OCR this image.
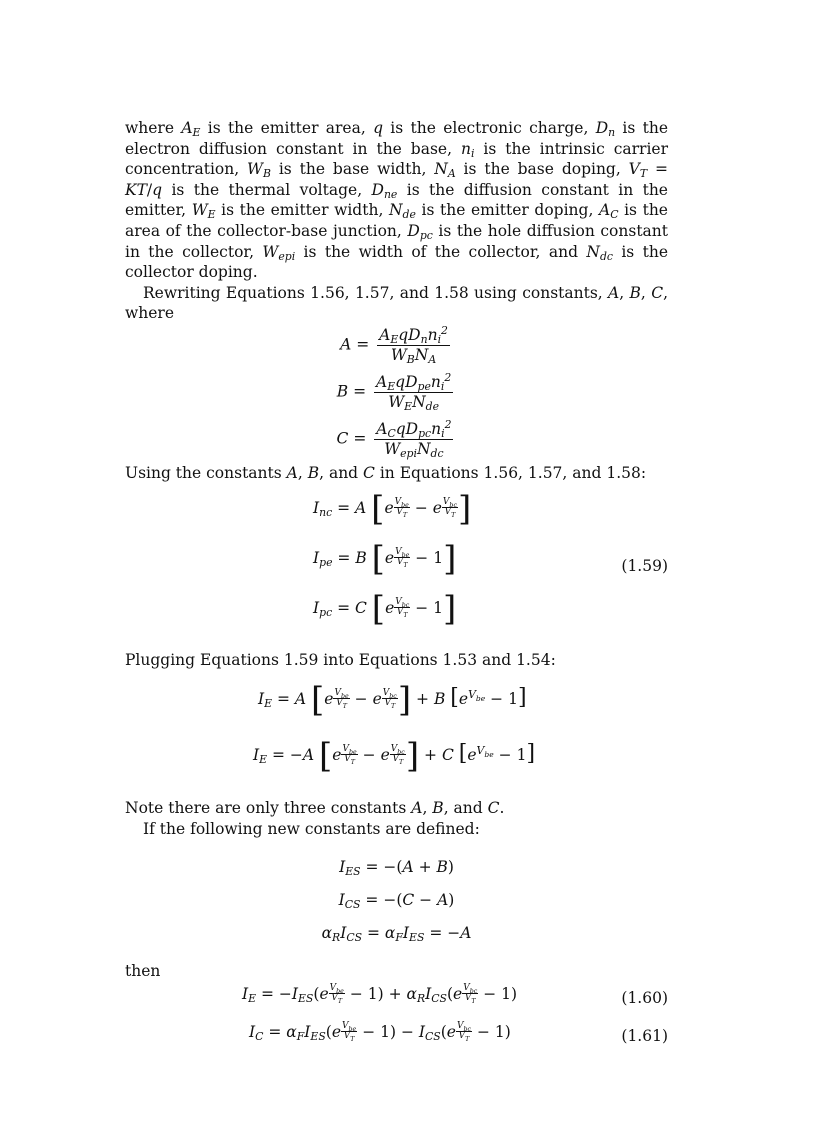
where $A_E$ is the emitter area, q is the electronic charge, $D_n$ is the electron diffusion constant in the base, $n_i$ is the intrinsic carrier concentration, $W_B$ is the base width, $N_A$ is the base doping, $V_T = KT/q$ is the thermal voltage, $D_{ne}$ is the diffusion constant in the emitter, $W_E$ is the emitter width, $N_{de}$ is the emitter doping, $A_C$ is the area of the collector-base junction, $D_{pc}$ is the hole diffusion constant in the collector, $W_{epi}$ is the width of the collector, and $N_{dc}$ is the collector doping.

Rewriting Equations 1.56, 1.57, and 1.58 using constants, A, B, C, where

$A = \frac{A_EqD_nn_i^2}{W_BN_A}$
$B = \frac{A_EqD_{pe}n_i^2}{W_EN_{de}}$
$C = \frac{A_CqD_{pc}n_i^2}{W_{epi}N_{dc}}$

Using the constants A, B, and C in Equations 1.56, 1.57, and 1.58:

$I_{nc} = A$ [e $V_{be}$
$V_T - e$ $V_{bc}$
$V_T$ ]
$I_{pe} = B$ [e $V_{be}$
$V_T - 1$]
$I_{pc} = C$ [e $V_{bc}$
$V_T - 1$]
(1.59)

Plugging Equations 1.59 into Equations 1.53 and 1.54:

$I_E = A$ [e $V_{be}$
$V_T - e$ $V_{bc}$
$V_T$ ] + B $[e^{V_{be}} - 1]$
$I_E = -A$ [e $V_{be}$
$V_T - e$ $V_{bc}$
$V_T$ ] + C $[e^{V_{be}} - 1]$

Note there are only three constants A, B, and C.

If the following new constants are defined:

$I_{ES} = -(A + B)$
$I_{CS} = -(C - A)$
$\alpha_RI_{CS} = \alpha_FI_{ES} = -A$

then

$I_E = -I_{ES}(e$ $V_{be}$
$V_T - 1) + \alpha_RI_{CS}(e$ $V_{bc}$
$V_T - 1$)	(1.60)
$I_C = \alpha_FI_{ES}(e$ $V_{be}$
$V_T - 1) - I_{CS}(e$ $V_{bc}$
$V_T - 1$)	(1.61)
